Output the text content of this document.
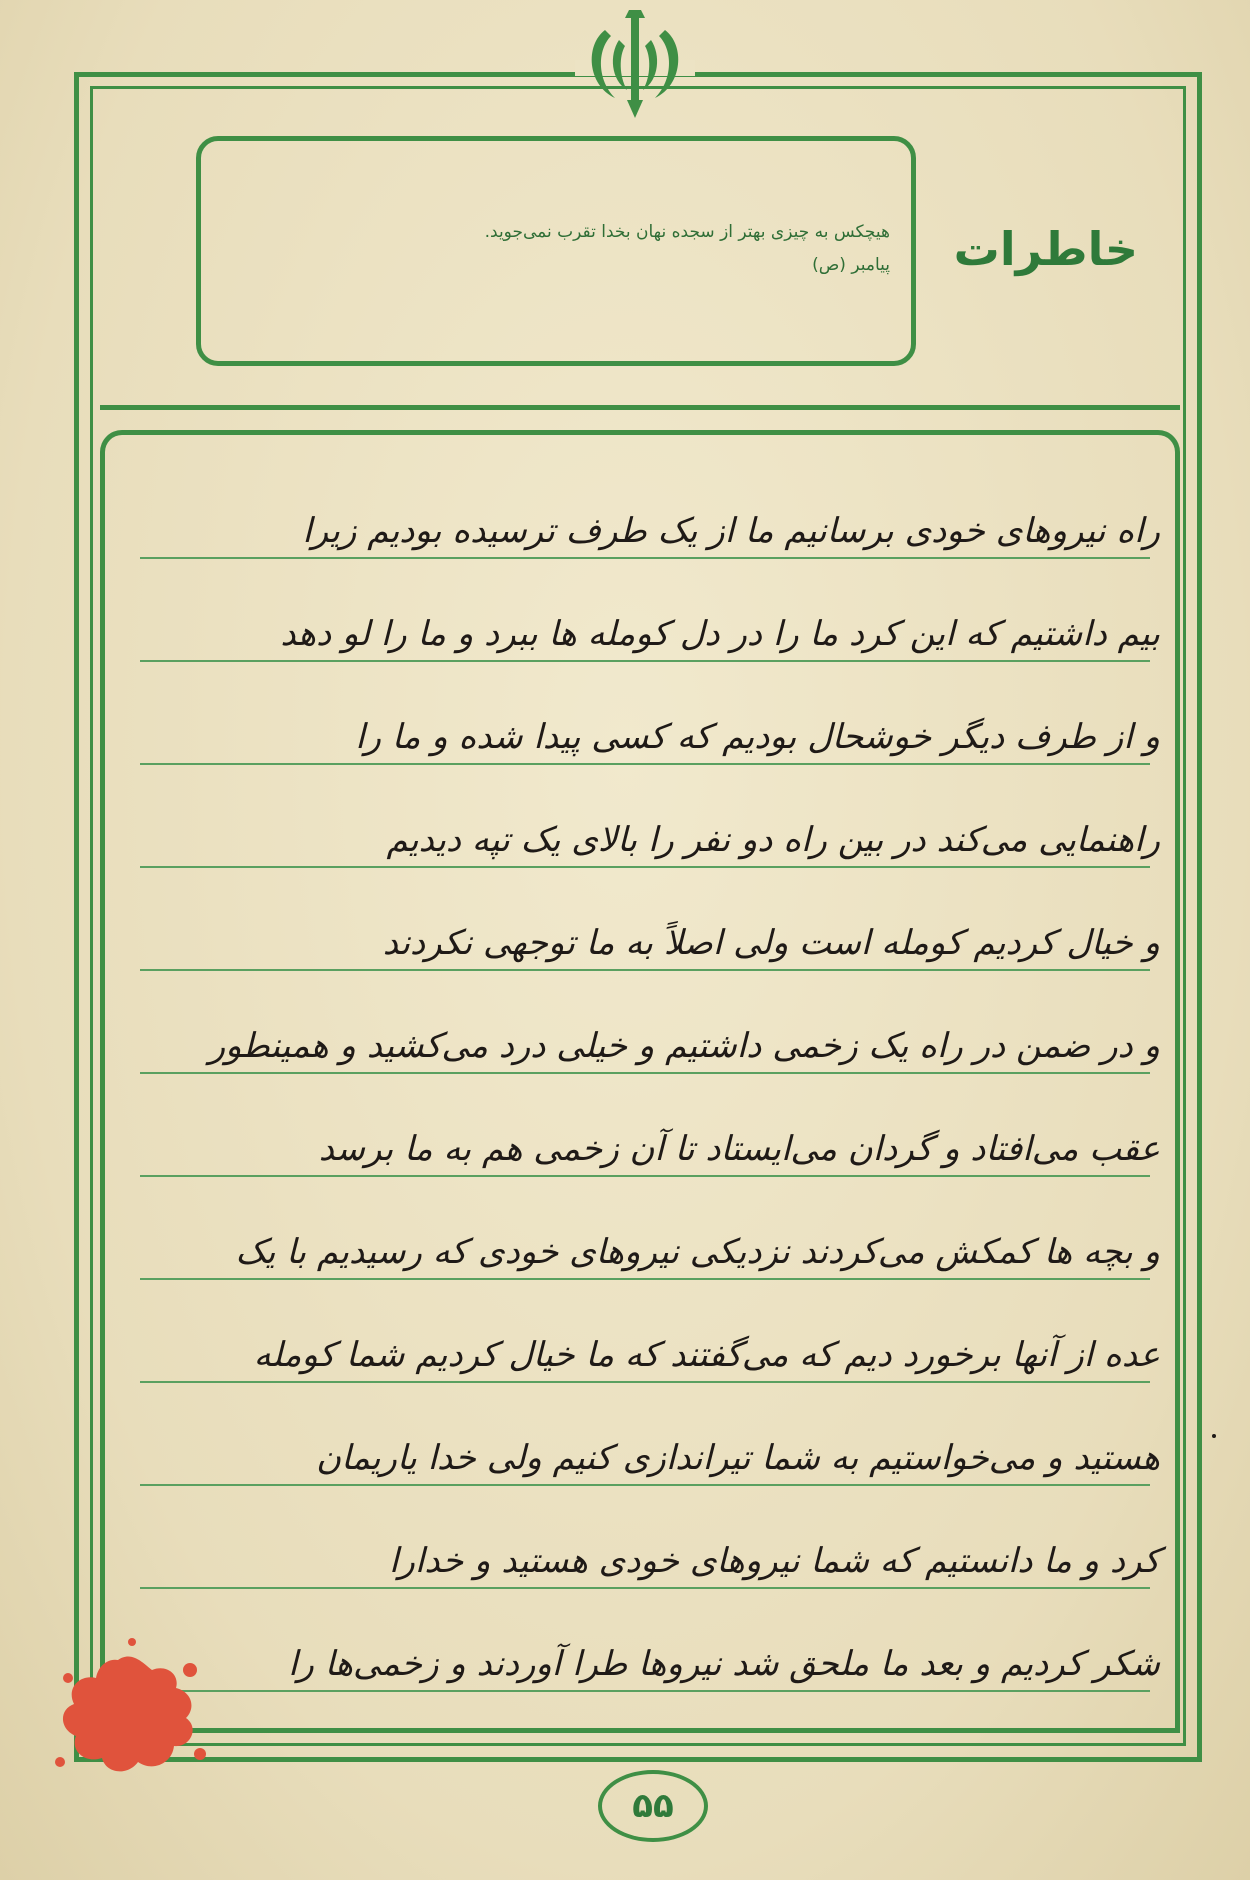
هیچکس به چیزی بهتر از سجده نهان بخدا تقرب نمی‌جوید.
پیامبر (ص) خاطرات
راه نیروهای خودی برسانیم ما از یک طرف ترسیده بودیم زیرا
بیم داشتیم که این کرد ما را در دل کومله ها ببرد و ما را لو دهد
و از طرف دیگر خوشحال بودیم که کسی پیدا شده و ما را
راهنمایی می‌کند در بین راه دو نفر را بالای یک تپه دیدیم
و خیال کردیم کومله است ولی اصلاً به ما توجهی نکردند
و در ضمن در راه یک زخمی داشتیم و خیلی درد می‌کشید و همینطور
عقب می‌افتاد و گردان می‌ایستاد تا آن زخمی هم به ما برسد
و بچه ها کمکش می‌کردند نزدیکی نیروهای خودی که رسیدیم با یک
عده از آنها برخورد دیم که می‌گفتند که ما خیال کردیم شما کومله
هستید و می‌خواستیم به شما تیراندازی کنیم ولی خدا یاریمان
کرد و ما دانستیم که شما نیروهای خودی هستید و خدارا
شکر کردیم و بعد ما ملحق شد نیروها طرا آوردند و زخمی‌ها را
۵۵
